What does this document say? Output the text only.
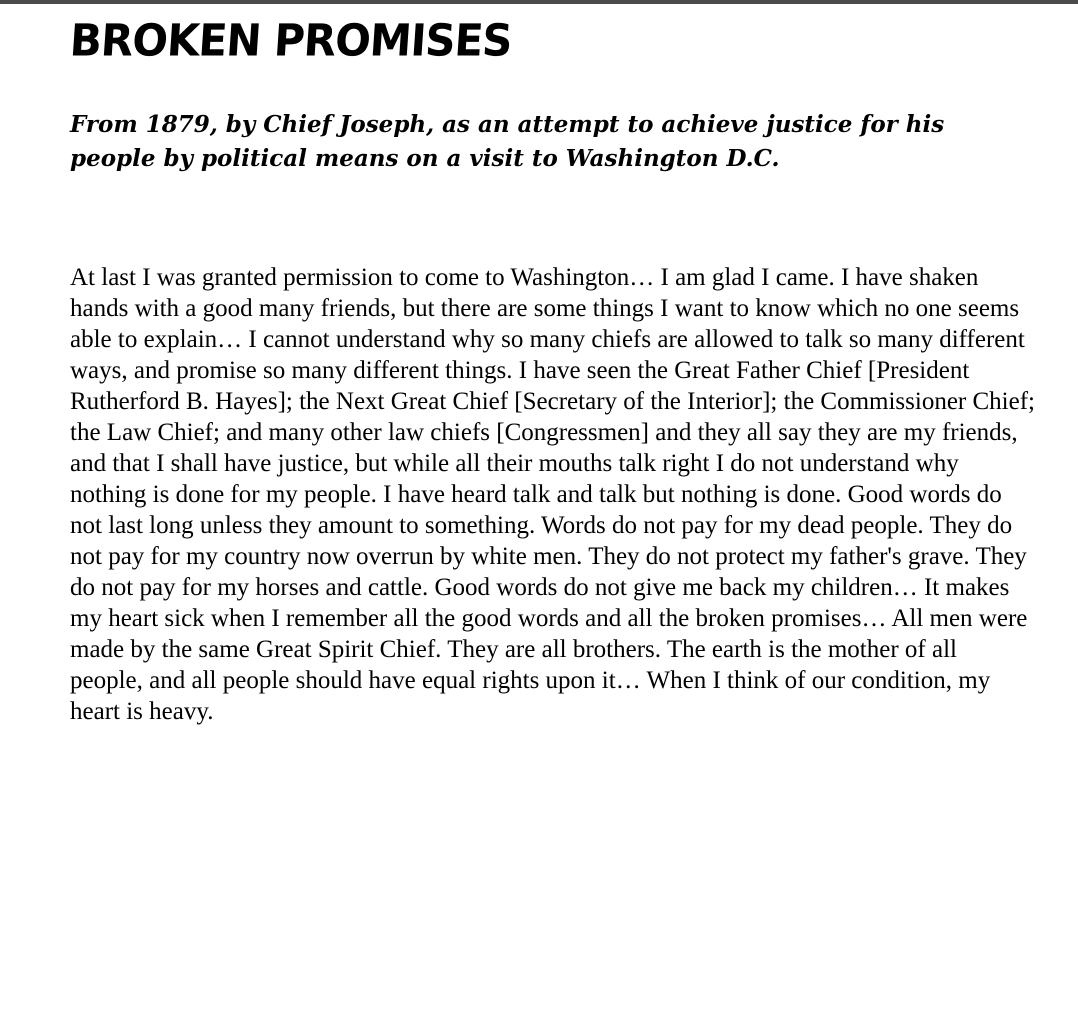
BROKEN PROMISES

From 1879, by Chief Joseph, as an attempt to achieve justice for his people by political means on a visit to Washington D.C.

At last I was granted permission to come to Washington… I am glad I came. I have shaken hands with a good many friends, but there are some things I want to know which no one seems able to explain… I cannot understand why so many chiefs are allowed to talk so many different ways, and promise so many different things. I have seen the Great Father Chief [President Rutherford B. Hayes]; the Next Great Chief [Secretary of the Interior]; the Commissioner Chief; the Law Chief; and many other law chiefs [Congressmen] and they all say they are my friends, and that I shall have justice, but while all their mouths talk right I do not understand why nothing is done for my people. I have heard talk and talk but nothing is done. Good words do not last long unless they amount to something. Words do not pay for my dead people. They do not pay for my country now overrun by white men. They do not protect my father's grave. They do not pay for my horses and cattle. Good words do not give me back my children… It makes my heart sick when I remember all the good words and all the broken promises… All men were made by the same Great Spirit Chief. They are all brothers. The earth is the mother of all people, and all people should have equal rights upon it… When I think of our condition, my heart is heavy.
